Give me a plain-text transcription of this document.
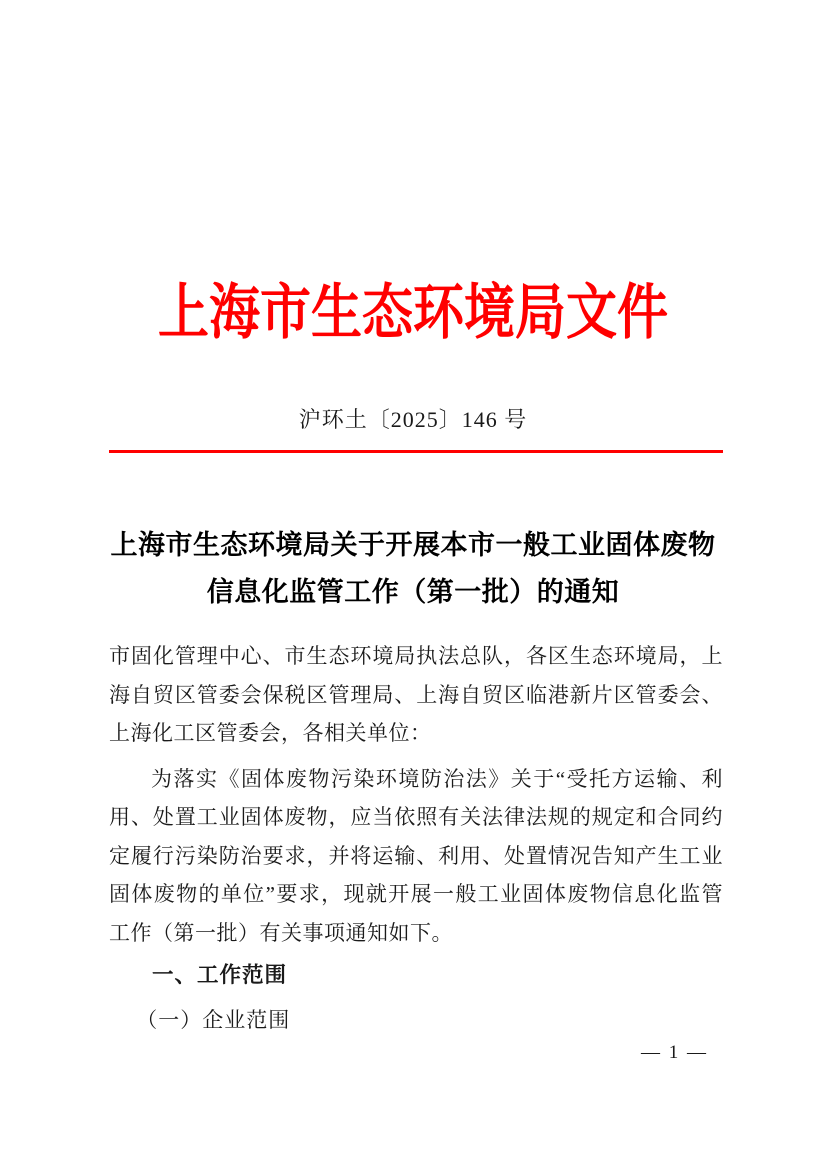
上海市生态环境局文件
沪环土〔2025〕146 号
上海市生态环境局关于开展本市一般工业固体废物
信息化监管工作（第一批）的通知
市固化管理中心、市生态环境局执法总队，各区生态环境局，上
海自贸区管委会保税区管理局、上海自贸区临港新片区管委会、
上海化工区管委会，各相关单位：
为落实《固体废物污染环境防治法》关于“受托方运输、利
用、处置工业固体废物，应当依照有关法律法规的规定和合同约
定履行污染防治要求，并将运输、利用、处置情况告知产生工业
固体废物的单位”要求，现就开展一般工业固体废物信息化监管
工作（第一批）有关事项通知如下。
一、工作范围
（一）企业范围
— 1 —
